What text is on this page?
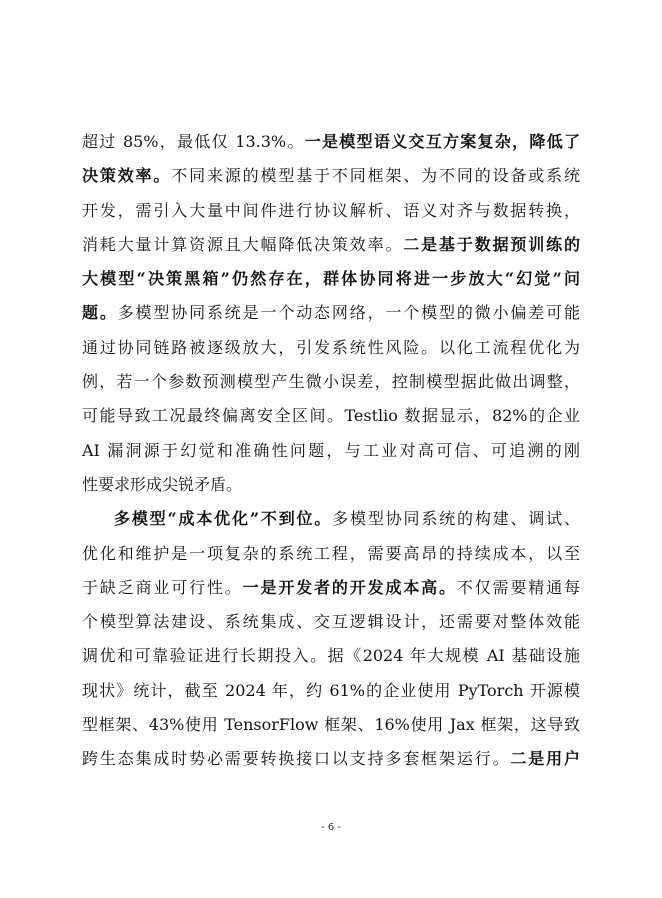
超过 85%，最低仅 13.3%。一是模型语义交互方案复杂，降低了
决策效率。不同来源的模型基于不同框架、为不同的设备或系统
开发，需引入大量中间件进行协议解析、语义对齐与数据转换，
消耗大量计算资源且大幅降低决策效率。二是基于数据预训练的
大模型“决策黑箱”仍然存在，群体协同将进一步放大“幻觉”问
题。多模型协同系统是一个动态网络，一个模型的微小偏差可能
通过协同链路被逐级放大，引发系统性风险。以化工流程优化为
例，若一个参数预测模型产生微小误差，控制模型据此做出调整，
可能导致工况最终偏离安全区间。Testlio 数据显示，82%的企业
AI 漏洞源于幻觉和准确性问题，与工业对高可信、可追溯的刚
性要求形成尖锐矛盾。
多模型“成本优化”不到位。多模型协同系统的构建、调试、
优化和维护是一项复杂的系统工程，需要高昂的持续成本，以至
于缺乏商业可行性。一是开发者的开发成本高。不仅需要精通每
个模型算法建设、系统集成、交互逻辑设计，还需要对整体效能
调优和可靠验证进行长期投入。据《2024 年大规模 AI 基础设施
现状》统计，截至 2024 年，约 61%的企业使用 PyTorch 开源模
型框架、43%使用 TensorFlow 框架、16%使用 Jax 框架，这导致
跨生态集成时势必需要转换接口以支持多套框架运行。二是用户
- 6 -
